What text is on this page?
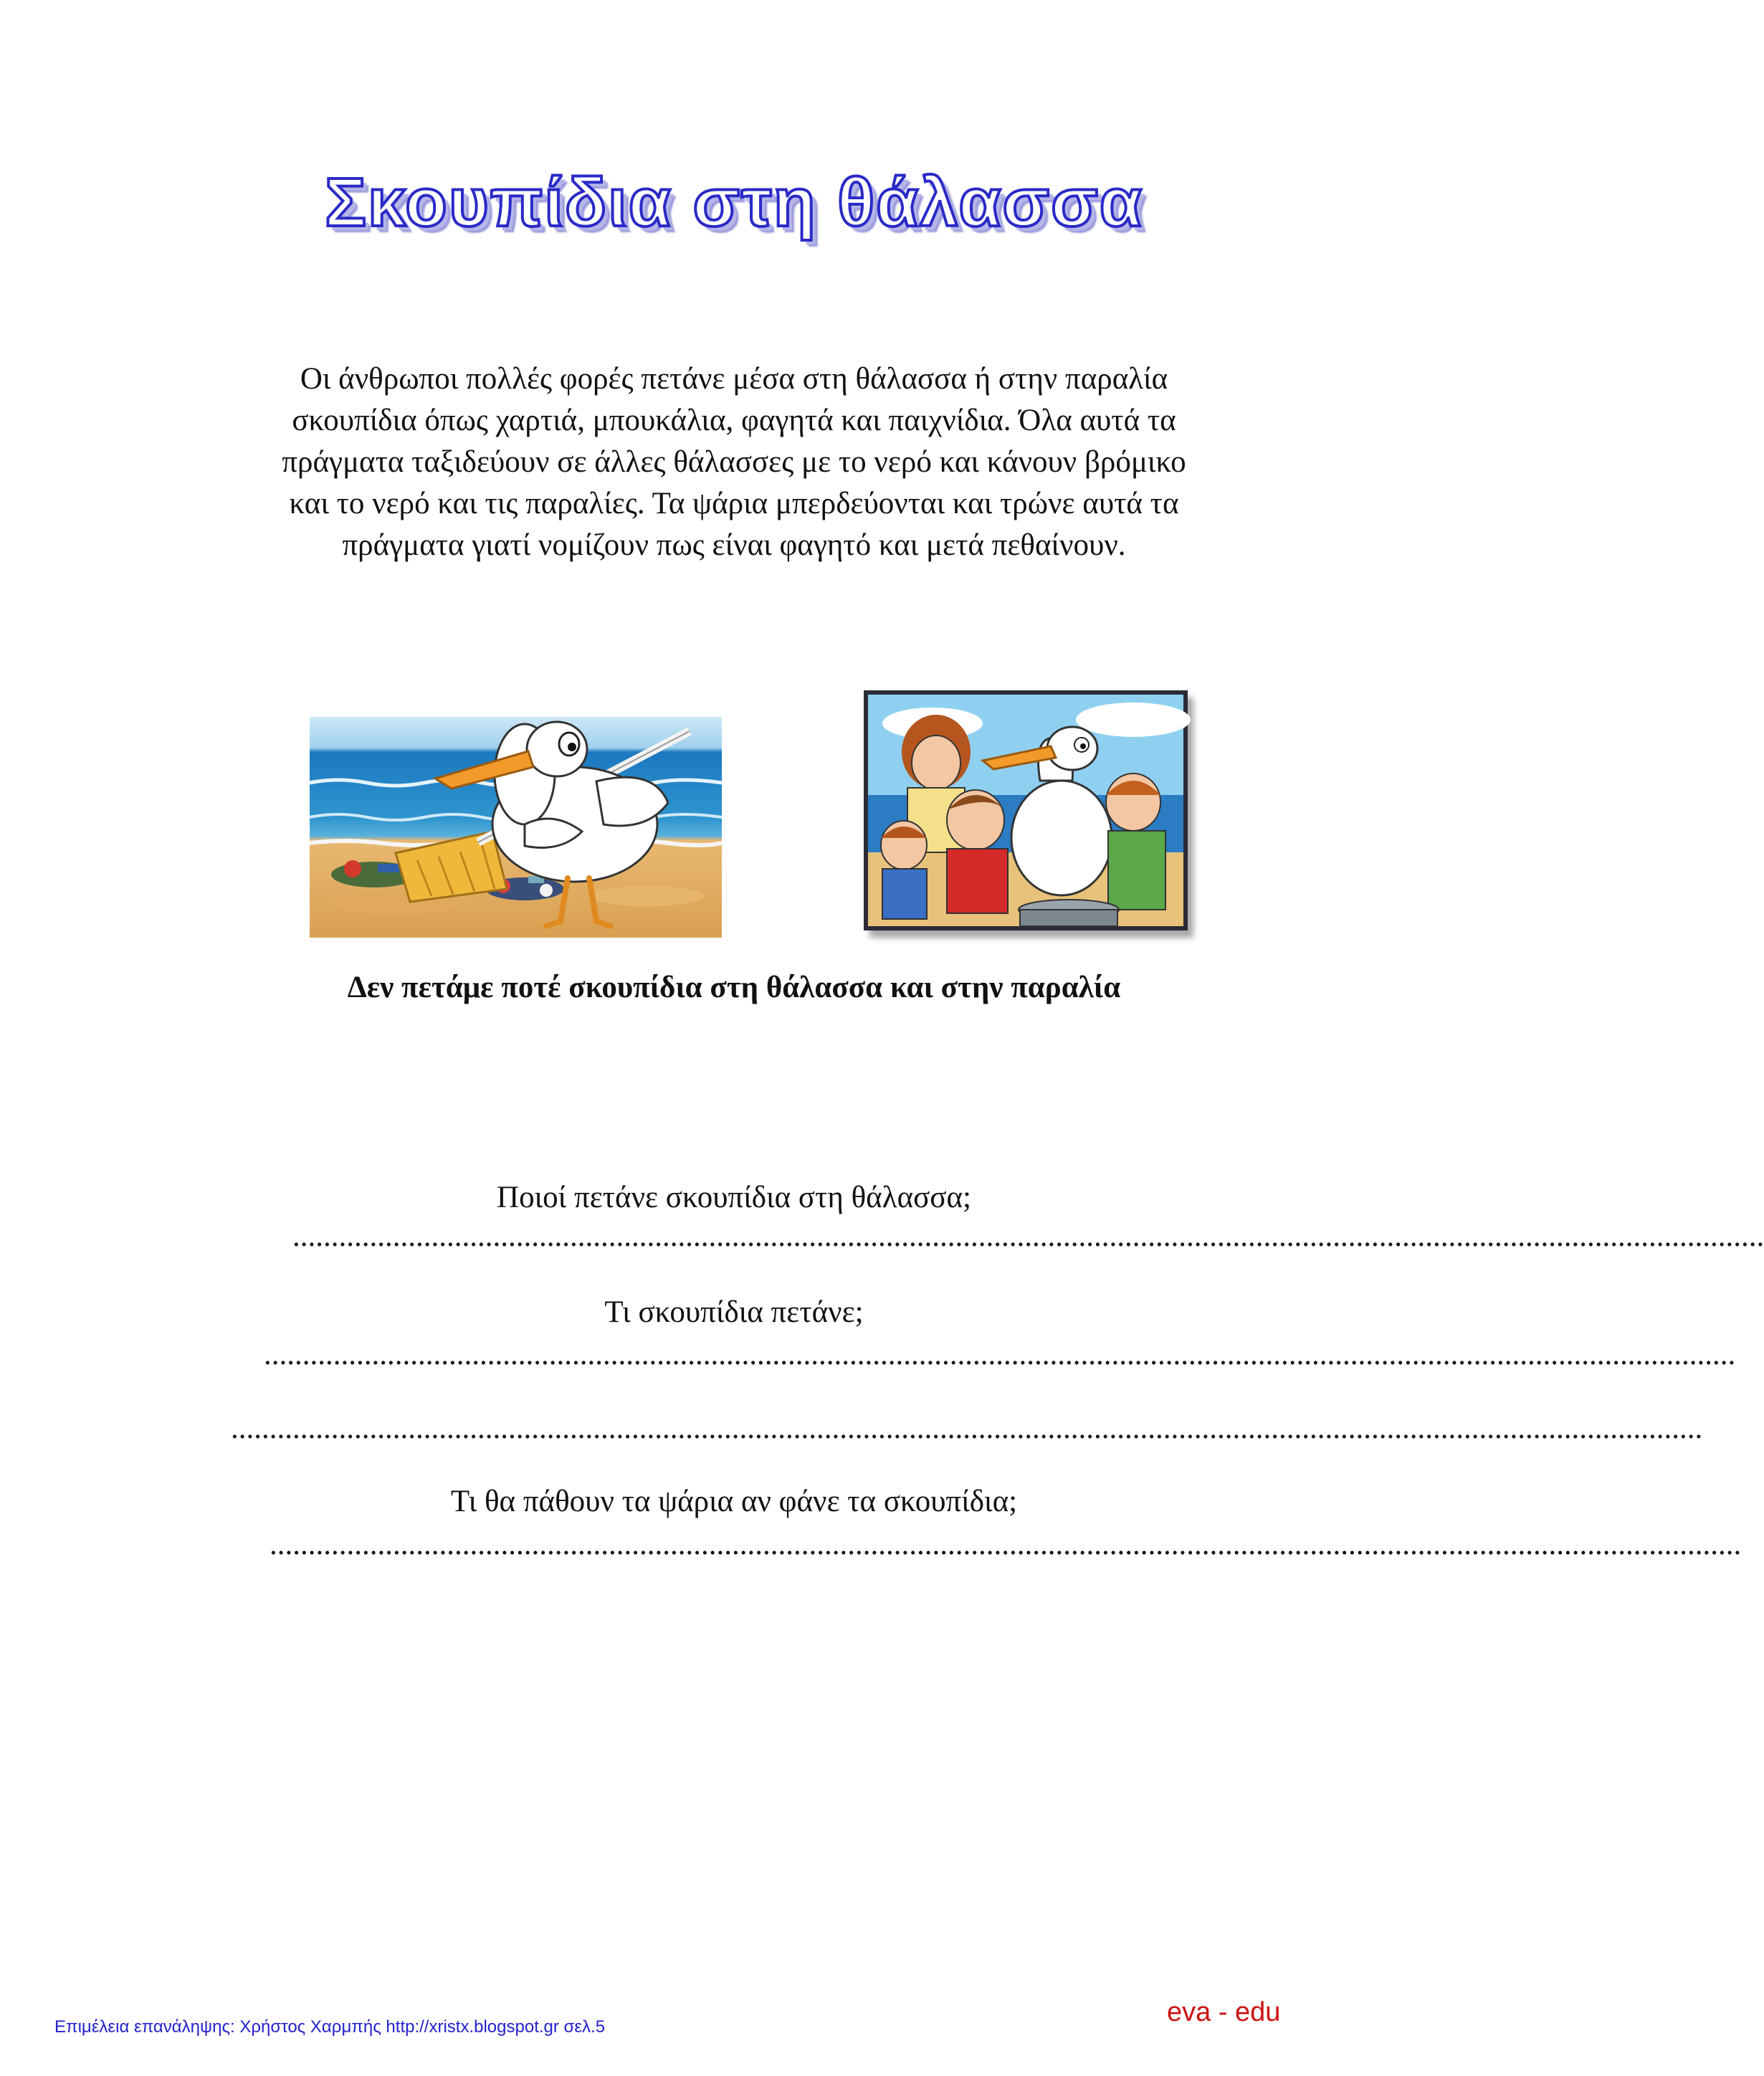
Σκουπίδια στη θάλασσα
Οι άνθρωποι πολλές φορές πετάνε μέσα στη θάλασσα ή στην παραλία
σκουπίδια όπως χαρτιά, μπουκάλια, φαγητά και παιχνίδια. Όλα αυτά τα
πράγματα ταξιδεύουν σε άλλες θάλασσες με το νερό και κάνουν βρόμικο
και το νερό και τις παραλίες. Τα ψάρια μπερδεύονται και τρώνε αυτά τα
πράγματα γιατί νομίζουν πως είναι φαγητό και μετά πεθαίνουν.
Δεν πετάμε ποτέ σκουπίδια στη θάλασσα και στην παραλία
Ποιοί πετάνε σκουπίδια στη θάλασσα;
...............................................................................................................................................................................................
Τι σκουπίδια πετάνε;
...............................................................................................................................................................................................
...............................................................................................................................................................................................
Τι θα πάθουν τα ψάρια αν φάνε τα σκουπίδια;
...............................................................................................................................................................................................
Επιμέλεια επανάληψης: Χρήστος Χαρμπής http://xristx.blogspot.gr σελ.5	eva - edu
